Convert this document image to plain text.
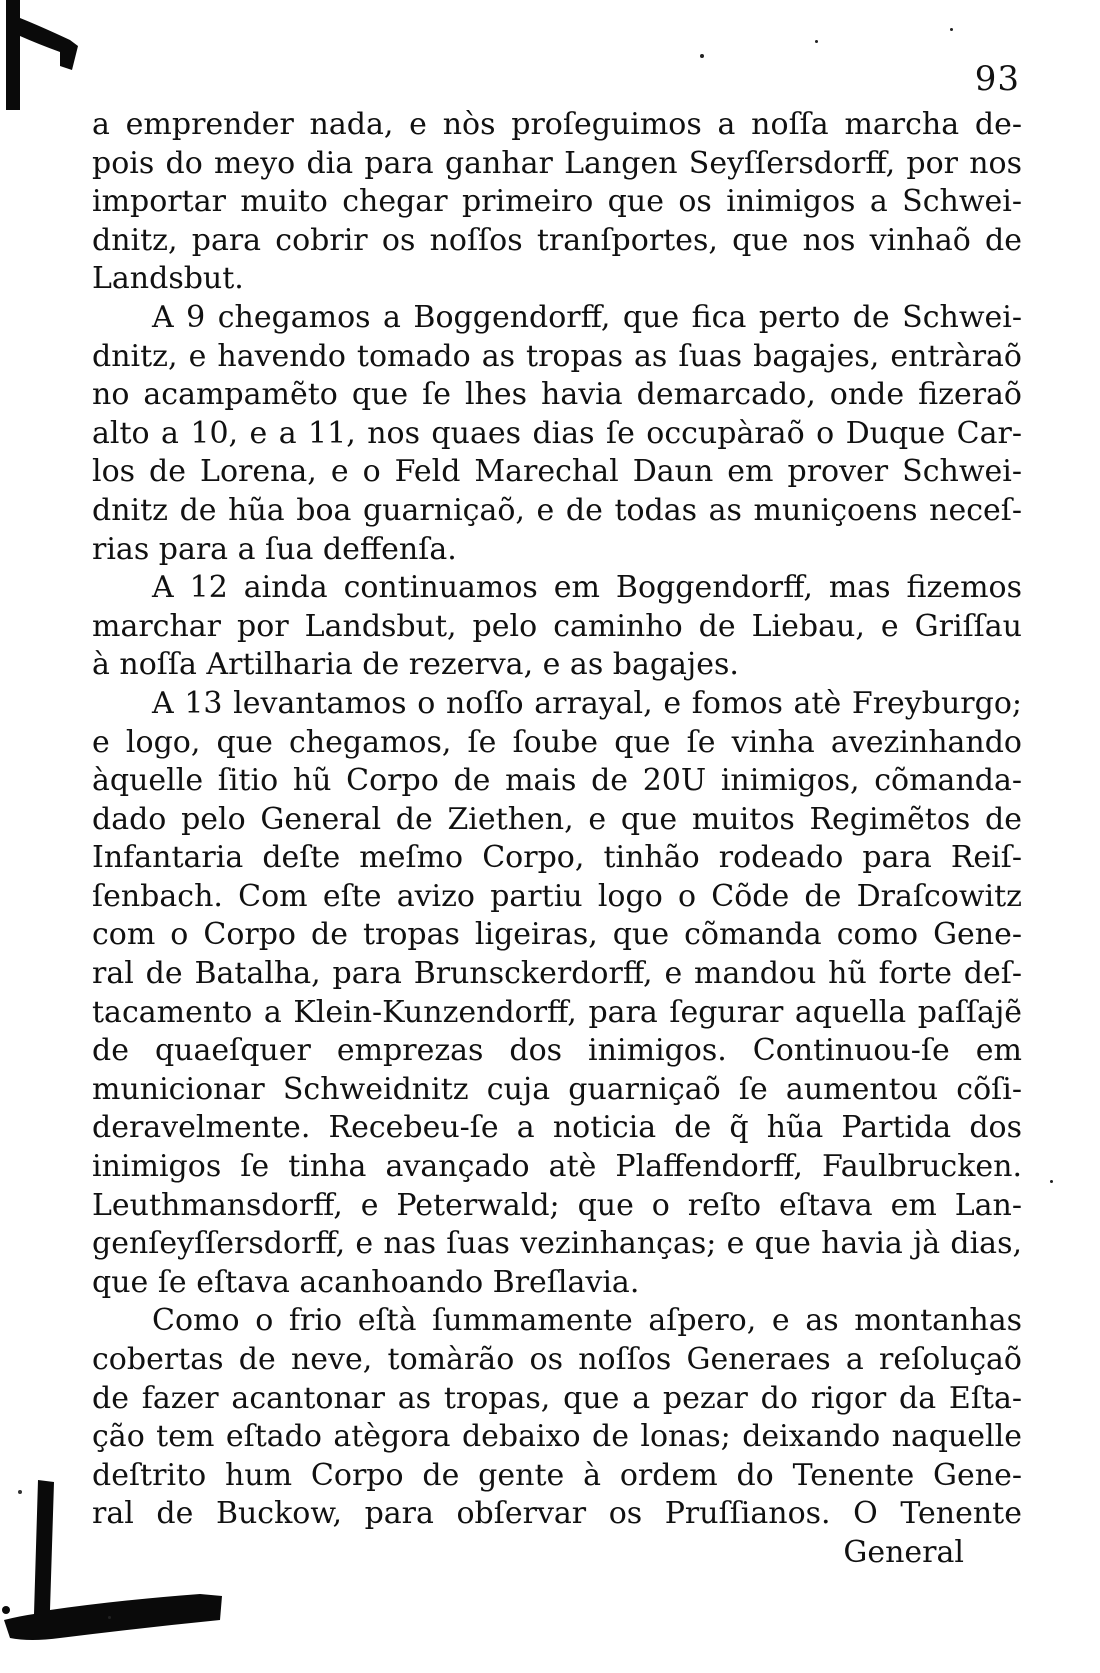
93

a emprender nada, e nòs proſeguimos a noſſa marcha de-
pois do meyo dia para ganhar Langen Seyſſersdorff, por nos
importar muito chegar primeiro que os inimigos a Schwei-
dnitz, para cobrir os noſſos tranſportes, que nos vinhaõ de
Landsbut.

A 9 chegamos a Boggendorff, que fica perto de Schwei-
dnitz, e havendo tomado as tropas as ſuas bagajes, entràraõ
no acampamẽto que ſe lhes havia demarcado, onde fizeraõ
alto a 10, e a 11, nos quaes dias ſe occupàraõ o Duque Car-
los de Lorena, e o Feld Marechal Daun em prover Schwei-
dnitz de hũa boa guarniçaõ, e de todas as muniçoens neceſ-
rias para a ſua deffenſa.

A 12 ainda continuamos em Boggendorff, mas fizemos
marchar por Landsbut, pelo caminho de Liebau, e Griſſau
à noſſa Artilharia de rezerva, e as bagajes.

A 13 levantamos o noſſo arrayal, e fomos atè Freyburgo;
e logo, que chegamos, ſe ſoube que ſe vinha avezinhando
àquelle ſitio hũ Corpo de mais de 20U inimigos, cõmanda-
dado pelo General de Ziethen, e que muitos Regimẽtos de
Infantaria deſte meſmo Corpo, tinhão rodeado para Reiſ-
ſenbach. Com eſte avizo partiu logo o Cõde de Draſcowitz
com o Corpo de tropas ligeiras, que cõmanda como Gene-
ral de Batalha, para Brunsckerdorff, e mandou hũ forte deſ-
tacamento a Klein-Kunzendorff, para ſegurar aquella paſſajẽ
de quaeſquer emprezas dos inimigos. Continuou-ſe em
municionar Schweidnitz cuja guarniçaõ ſe aumentou cõſi-
deravelmente. Recebeu-ſe a noticia de q̃ hũa Partida dos
inimigos ſe tinha avançado atè Plaffendorff, Faulbrucken.
Leuthmansdorff, e Peterwald; que o reſto eſtava em Lan-
genſeyſſersdorff, e nas ſuas vezinhanças; e que havia jà dias,
que ſe eſtava acanhoando Breſlavia.

Como o frio eſtà ſummamente aſpero, e as montanhas
cobertas de neve, tomàrão os noſſos Generaes a reſoluçaõ
de fazer acantonar as tropas, que a pezar do rigor da Eſta-
ção tem eſtado atègora debaixo de lonas; deixando naquelle
deſtrito hum Corpo de gente à ordem do Tenente Gene-
ral de Buckow, para obſervar os Pruſſianos. O Tenente

General
